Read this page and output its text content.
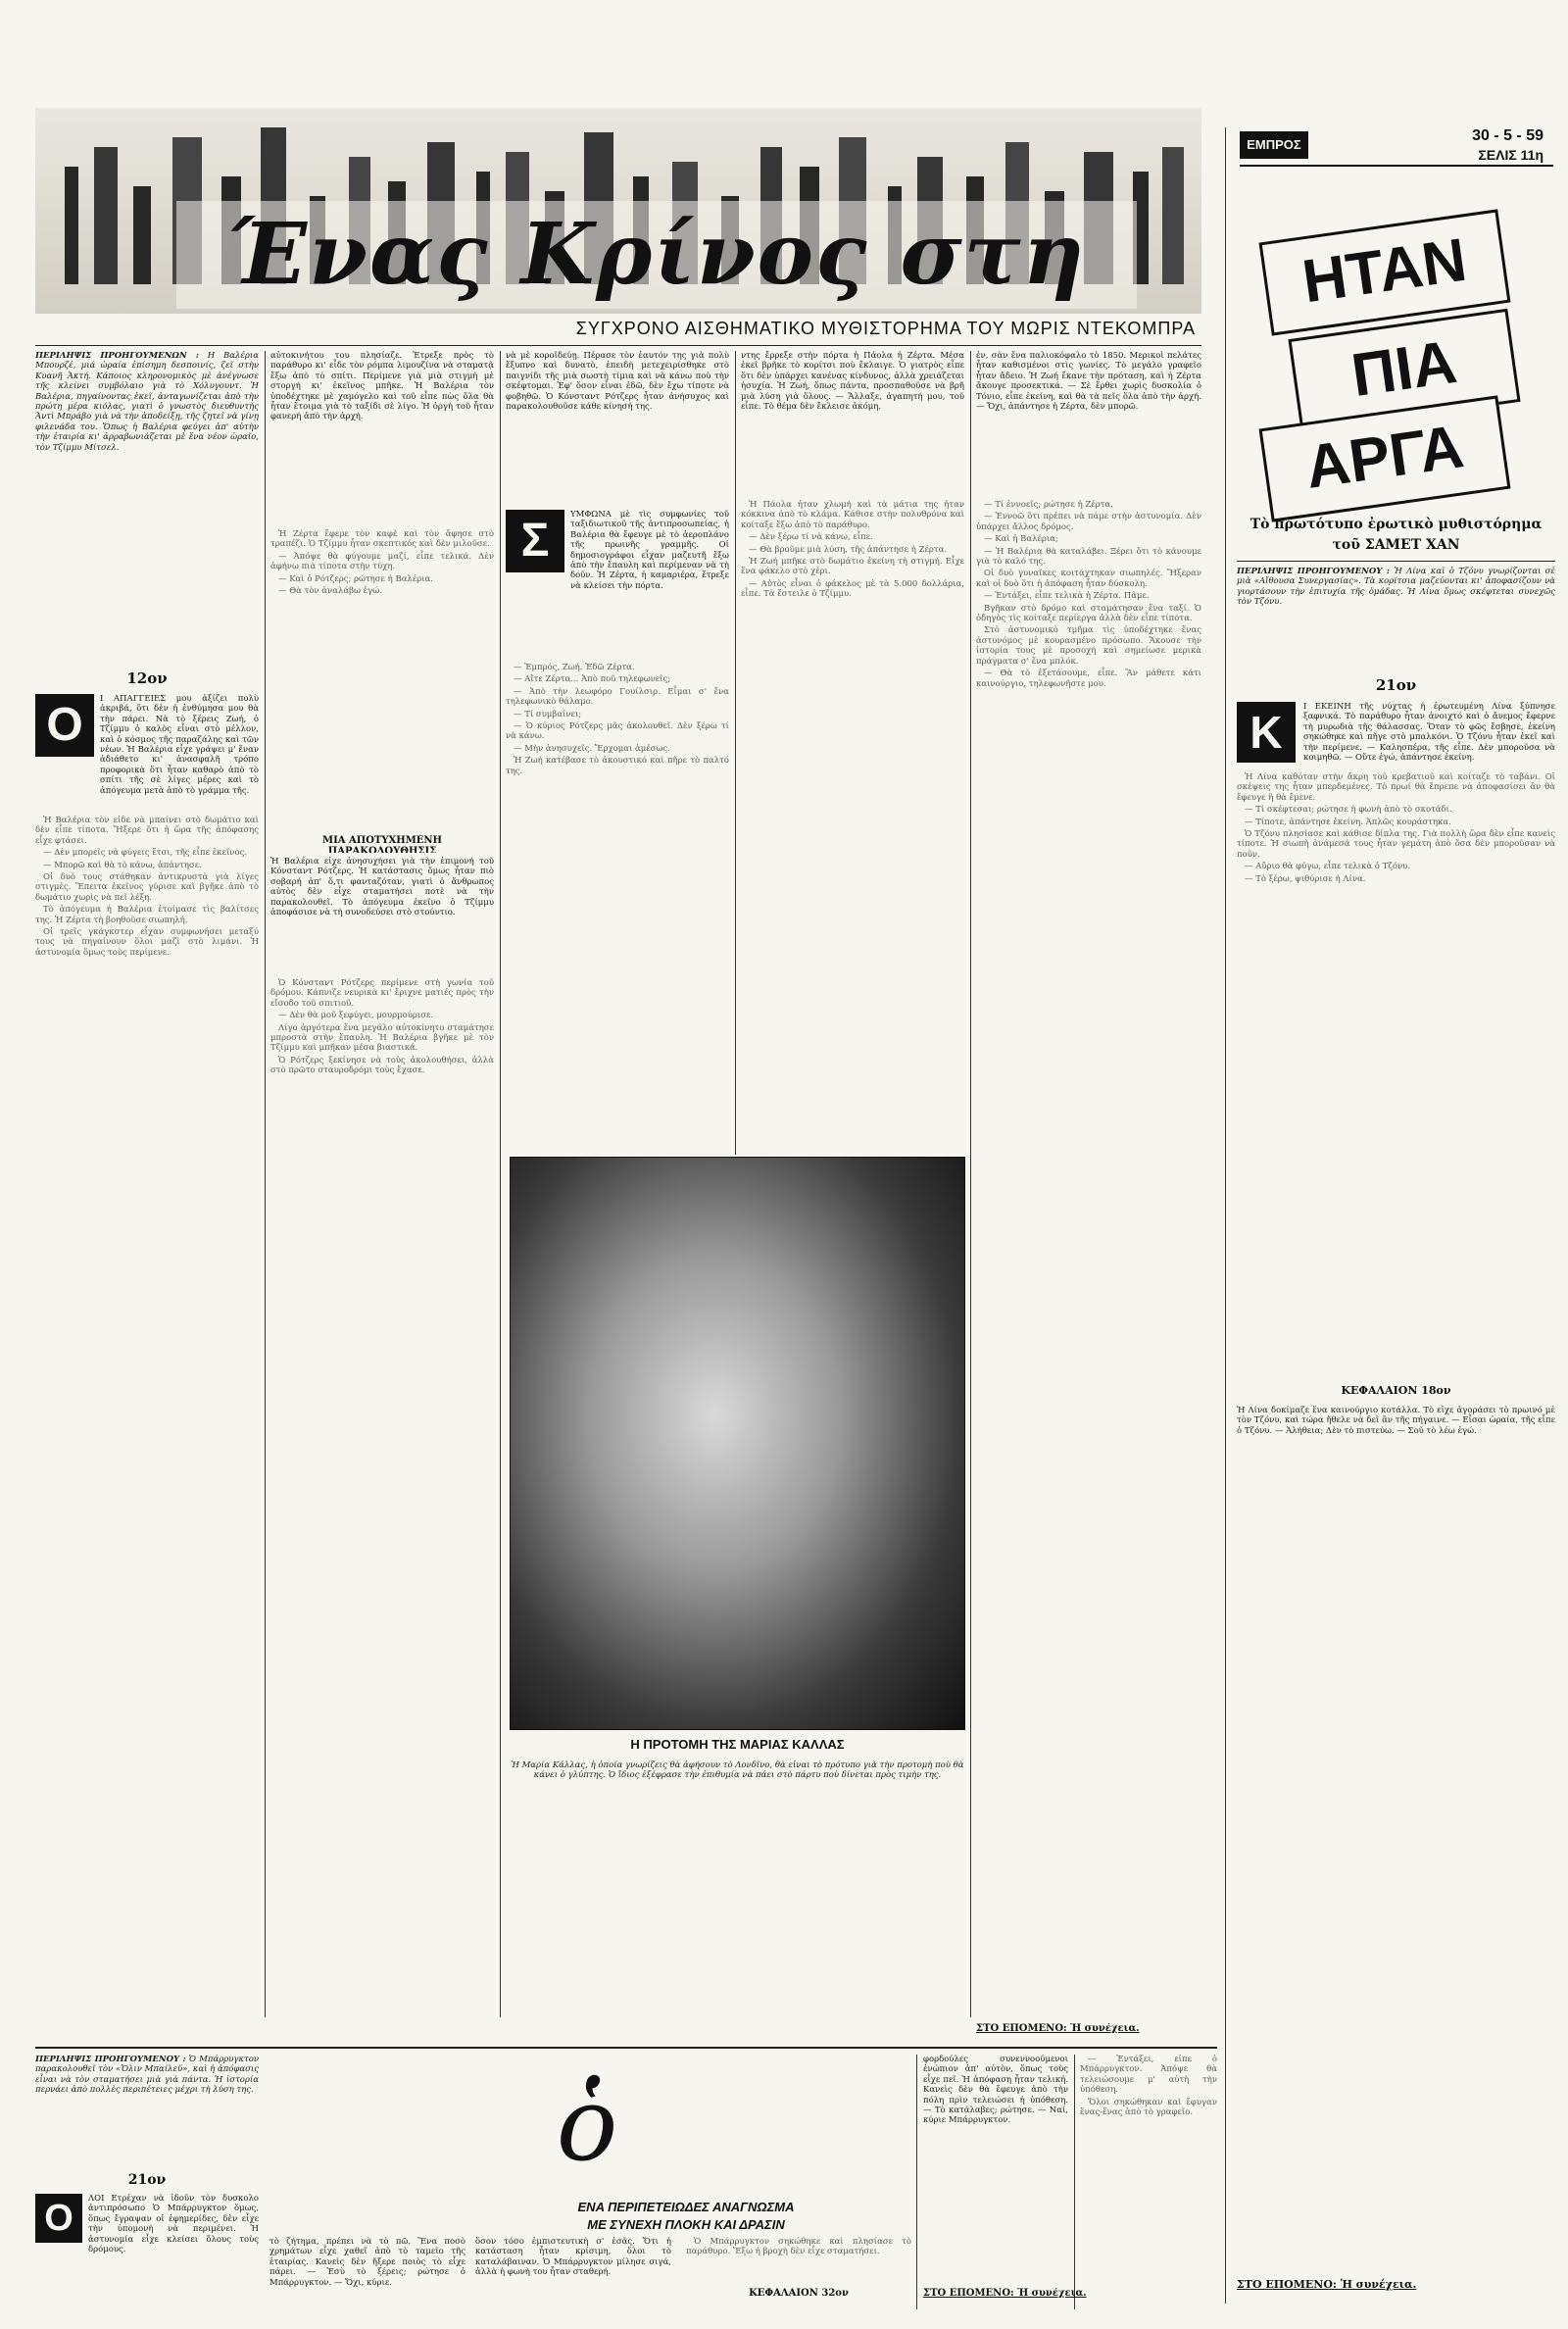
Ένας Κρίνος στη
ΣΥΓΧΡΟΝΟ ΑΙΣΘΗΜΑΤΙΚΟ ΜΥΘΙΣΤΟΡΗΜΑ ΤΟΥ ΜΩΡΙΣ ΝΤΕΚΟΜΠΡΑ
ΕΜΠΡΟΣ
30 - 5 - 59
ΣΕΛΙΣ 11η
ΗΤΑΝ
ΠΙΑ
ΑΡΓΑ
Τὸ πρωτότυπο ἐρωτικὸ μυθιστόρημα τοῦ ΣΑΜΕΤ ΧΑΝ
ΠΕΡΙΛΗΨΙΣ ΠΡΟΗΓΟΥΜΕΝΟΥ : Ἡ Λίνα καὶ ὁ Τζόνυ γνωρίζονται σὲ μιὰ «Αἴθουσα Συνεργασίας». Τὰ κορίτσια μαζεύονται κι' ἀποφασίζουν νὰ γιορτάσουν τὴν ἐπιτυχία τῆς ὁμάδας. Ἡ Λίνα ὅμως σκέφτεται συνεχῶς τὸν Τζόνυ.
21ον
Κ	Ι ΕΚΕΙΝΗ τῆς νύχτας ἡ ἐρωτευμένη Λίνα ξύπνησε ξαφνικά. Τὸ παράθυρο ἦταν ἀνοιχτό καὶ ὁ ἄνεμος ἔφερνε τὴ μυρωδιὰ τῆς θάλασσας. Ὅταν τὸ φῶς ἔσβησε, ἐκείνη σηκώθηκε καὶ πῆγε στὸ μπαλκόνι. Ὁ Τζόνυ ἦταν ἐκεῖ καὶ τὴν περίμενε. — Καλησπέρα, τῆς εἶπε. Δὲν μποροῦσα νὰ κοιμηθῶ. — Οὔτε ἐγώ, ἀπάντησε ἐκείνη.

Ἡ Λίνα καθόταν στὴν ἄκρη τοῦ κρεβατιοῦ καὶ κοίταζε τὸ ταβάνι. Οἱ σκέψεις της ἦταν μπερδεμένες. Τὸ πρωί θὰ ἔπρεπε νὰ ἀποφασίσει ἂν θὰ ἔφευγε ἢ θὰ ἔμενε.

— Τί σκέφτεσαι; ρώτησε ἡ φωνὴ ἀπὸ τὸ σκοτάδι.

— Τίποτε, ἀπάντησε ἐκείνη. Ἁπλῶς κουράστηκα.

Ὁ Τζόνυ πλησίασε καὶ κάθισε δίπλα της. Γιὰ πολλὴ ὥρα δὲν εἶπε κανεὶς τίποτε. Ἡ σιωπὴ ἀνάμεσά τους ἦταν γεμάτη ἀπὸ ὅσα δὲν μποροῦσαν νὰ ποῦν.

— Αὔριο θὰ φύγω, εἶπε τελικὰ ὁ Τζόνυ.

— Τὸ ξέρω, ψιθύρισε ἡ Λίνα.

ΚΕΦΑΛΑΙΟΝ 18ον
Ἡ Λίνα δοκίμαζε ἕνα καινούργιο κοτάλλα. Τὸ εἶχε ἀγοράσει τὸ πρωινό μὲ τὸν Τζόνυ, καὶ τώρα ἤθελε νὰ δεῖ ἂν τῆς πήγαινε. — Εἶσαι ὡραία, τῆς εἶπε ὁ Τζόνυ. — Ἀλήθεια; Δὲν τὸ πιστεύω. — Σοῦ τὸ λέω ἐγώ.
ΣΤΟ ΕΠΟΜΕΝΟ: Ἡ συνέχεια.
ΠΕΡΙΛΗΨΙΣ ΠΡΟΗΓΟΥΜΕΝΩΝ : Η Βαλέρια Μπουρζέ, μιά ὡραία ἐπίσημη δεσποινίς, ζεῖ στὴν Κυανῆ Ἀκτή. Κάποιος κληρονομικὸς μὲ ἀνέγνωσε τῆς κλείνει συμβόλαιο γιὰ τὸ Χόλυγουντ. Ἡ Βαλέρια, πηγαίνοντας ἐκεῖ, ἀνταγωνίζεται ἀπὸ τὴν πρώτη μέρα κιόλας, γιατὶ ὁ γνωστὸς διευθυντὴς Ἀντὶ Μπράβο γιὰ νὰ τὴν ἀποδείξῃ, τῆς ζητεῖ νὰ γίνῃ φιλενάδα του. Ὅπως ἡ Βαλέρια φεύγει ἀπ' αὐτὴν τὴν ἑταιρία κι' ἀρραβωνιάζεται μὲ ἕνα νέον ὡραῖο, τὸν Τζίμμυ Μίτσελ.
12ον
Ο	Ι ΑΠΑΓΓΕΙΕΣ μου ἀξίζει πολὺ ἀκριβά, ὅτι δὲν ἡ ἐνθύμησα μου θὰ τὴν πάρει. Νὰ τὸ ξέρεις Ζωή, ὁ Τζίμμυ ὁ καλὸς εἶναι στὸ μέλλον, καὶ ὁ κόσμος τῆς παραζάλης καὶ τῶν νέων. Ἡ Βαλέρια εἶχε γράψει μ' ἕναν ἀδιάθετο κι' ἀνασφαλῆ τρόπο προφορικὰ ὅτι ἦταν καθαρὸ ἀπὸ τὸ σπίτι τῆς σὲ λίγες μέρες καὶ τὸ ἀπόγευμα μετὰ ἀπὸ τὸ γράμμα τῆς.

Ἡ Βαλέρια τὸν εἶδε νὰ μπαίνει στὸ δωμάτιο καὶ δὲν εἶπε τίποτα. Ἤξερε ὅτι ἡ ὥρα τῆς ἀπόφασης εἶχε φτάσει.

— Δὲν μπορεῖς νὰ φύγεις ἔτσι, τῆς εἶπε ἐκεῖνος.

— Μπορῶ καὶ θὰ τὸ κάνω, ἀπάντησε.

Οἱ δυὸ τους στάθηκαν ἀντικρυστὰ γιὰ λίγες στιγμὲς. Ἔπειτα ἐκεῖνος γύρισε καὶ βγῆκε ἀπὸ τὸ δωμάτιο χωρὶς νὰ πεῖ λέξη.

Τὸ ἀπόγευμα ἡ Βαλέρια ἑτοίμασε τὶς βαλίτσες της. Ἡ Ζέρτα τὴ βοηθοῦσε σιωπηλή.

Οἱ τρεῖς γκάγκστερ εἶχαν συμφωνήσει μεταξύ τους νὰ πηγαίνουν ὅλοι μαζὶ στὸ λιμάνι. Ἡ ἀστυνομία ὅμως τοὺς περίμενε.

αὐτοκινήτου του πλησίαζε. Ἐτρεξε πρὸς τὸ παράθυρο κι' εἶδε τὸν ρόμπα λιμουζίνα νὰ σταματᾷ ἔξω ἀπὸ τὸ σπίτι. Περίμενε γιὰ μιὰ στιγμὴ μὲ στοργή κι' ἐκεῖνος μπῆκε. Ἡ Βαλέρια τὸν ὑποδέχτηκε μὲ χαμόγελο καὶ τοῦ εἶπε πὼς ὅλα θὰ ἦταν ἕτοιμα γιὰ τὸ ταξίδι σὲ λίγο. Ἡ ὀργὴ τοῦ ἦταν φανερή ἀπὸ τὴν ἀρχή.

Ἡ Ζέρτα ἔφερε τὸν καφὲ καὶ τὸν ἄφησε στὸ τραπέζι. Ὁ Τζίμμυ ἦταν σκεπτικός καὶ δὲν μιλοῦσε.

— Ἀπόψε θὰ φύγουμε μαζί, εἶπε τελικά. Δὲν ἀφήνω πιὰ τίποτα στὴν τύχη.

— Καὶ ὁ Ρότζερς; ρώτησε ἡ Βαλέρια.

— Θὰ τὸν ἀναλάβω ἐγώ.

ΜΙΑ ΑΠΟΤΥΧΗΜΕΝΗ ΠΑΡΑΚΟΛΟΥΘΗΣΙΣ
Ἡ Βαλέρια εἶχε ἀνησυχήσει γιὰ τὴν ἐπιμονή τοῦ Κόνσταντ Ρότζερς. Ἡ κατάστασις ὅμως ἦταν πιὸ σοβαρή ἀπ' ὅ,τι φανταζόταν, γιατὶ ὁ ἄνθρωπος αὐτὸς δὲν εἶχε σταματήσει ποτὲ νὰ τὴν παρακολουθεῖ. Τὸ ἀπόγευμα ἐκεῖνο ὁ Τζίμμυ ἀποφάσισε νὰ τὴ συνοδεύσει στὸ στούντιο.

Ὁ Κόνσταντ Ρότζερς περίμενε στὴ γωνία τοῦ δρόμου. Κάπνιζε νευρικὰ κι' ἔριχνε ματιές πρὸς τὴν εἴσοδο τοῦ σπιτιοῦ.

— Δὲν θὰ μοῦ ξεφύγει, μουρμούρισε.

Λίγο ἀργότερα ἕνα μεγάλο αὐτοκίνητο σταμάτησε μπροστὰ στὴν ἔπαυλη. Ἡ Βαλέρια βγῆκε μὲ τὸν Τζίμμυ καὶ μπῆκαν μέσα βιαστικά.

Ὁ Ρότζερς ξεκίνησε νὰ τοὺς ἀκολουθήσει, ἀλλὰ στὸ πρῶτο σταυροδρόμι τοὺς ἔχασε.

νὰ μὲ κοροϊδεύῃ. Πέρασε τὸν ἑαυτόν της γιὰ πολὺ ἔξυπνο καὶ δυνατὸ, ἐπειδὴ μετεχειρίσθηκε στὸ παιγνίδι τῆς μιὰ σωστὴ τίμια καὶ νὰ κάνω ποὺ τὴν σκέφτομαι. Ἐφ' ὅσον εἶναι ἐδῶ, δὲν ἔχω τίποτε νὰ φοβηθῶ. Ὁ Κόνσταντ Ρότζερς ἦταν ἀνήσυχος καὶ παρακολουθοῦσε κάθε κίνησή της.
Σ	ΥΜΦΩΝΑ μὲ τὶς συμφωνίες τοῦ ταξιδιωτικοῦ τῆς ἀντιπροσωπείας, ἡ Βαλέρια θὰ ἔφευγε μὲ τὸ ἀεροπλάνο τῆς πρωινῆς γραμμῆς. Οἱ δημοσιογράφοι εἶχαν μαζευτῆ ἔξω ἀπὸ τὴν ἔπαυλη καὶ περίμεναν νὰ τὴ δοῦν. Ἡ Ζέρτα, ἡ καμαριέρα, ἔτρεξε νὰ κλείσει τὴν πόρτα.

— Ἐμπρός, Ζωή. Ἐδῶ Ζέρτα.

— Αἴτε Ζέρτα... Ἀπὸ ποῦ τηλεφωνεῖς;

— Ἀπὸ τὴν λεωφόρο Γουίλσιρ. Εἶμαι σ' ἕνα τηλεφωνικὸ θάλαμο.

— Τί συμβαίνει;

— Ὁ κύριος Ρότζερς μᾶς ἀκολουθεῖ. Δὲν ξέρω τί νὰ κάνω.

— Μὴν ἀνησυχεῖς. Ἔρχομαι ἀμέσως.

Ἡ Ζωή κατέβασε τὸ ἀκουστικό καὶ πῆρε τὸ παλτό της.

ντης ἔρρεξε στὴν πόρτα ἡ Πάολα ἡ Ζέρτα. Μέσα ἐκεῖ βρῆκε τὸ κορίτσι ποὺ ἔκλαιγε. Ὁ γιατρὸς εἶπε ὅτι δὲν ὑπάρχει κανένας κίνδυνος, ἀλλὰ χρειάζεται ἡσυχία. Ἡ Ζωή, ὅπως πάντα, προσπαθοῦσε νὰ βρῆ μιὰ λύση γιὰ ὅλους. — Ἄλλαξε, ἀγαπητή μου, τοῦ εἶπε. Τὸ θέμα δὲν ἔκλεισε ἀκόμη.

Ἡ Πάολα ἦταν χλωμή καὶ τὰ μάτια της ἦταν κόκκινα ἀπὸ τὸ κλάμα. Κάθισε στὴν πολυθρόνα καὶ κοίταξε ἔξω ἀπὸ τὸ παράθυρο.

— Δὲν ξέρω τί νὰ κάνω, εἶπε.

— Θὰ βροῦμε μιὰ λύση, τῆς ἀπάντησε ἡ Ζέρτα.

Ἡ Ζωή μπῆκε στὸ δωμάτιο ἐκείνη τὴ στιγμή. Εἶχε ἕνα φάκελο στὸ χέρι.

— Αὐτὸς εἶναι ὁ φάκελος μὲ τὰ 5.000 δολλάρια, εἶπε. Τὰ ἔστειλε ὁ Τζίμμυ.

ἐν, σὰν ἕνα παλιοκόφαλο τὸ 1850. Μερικοὶ πελάτες ἦταν καθισμένοι στὶς γωνίες. Τὸ μεγάλο γραφεῖο ἦταν ἄδειο. Ἡ Ζωή ἔκανε τὴν πρόταση, καὶ ἡ Ζέρτα ἄκουγε προσεκτικά. — Σὲ ἔρθει χωρὶς δυσκολία ὁ Τόνιο, εἶπε ἐκείνη, καὶ θὰ τὰ πεῖς ὅλα ἀπὸ τὴν ἀρχή. — Ὄχι, ἀπάντησε ἡ Ζέρτα, δὲν μπορῶ.

— Τί ἐννοεῖς; ρώτησε ἡ Ζέρτα.

— Ἐννοῶ ὅτι πρέπει νὰ πάμε στὴν ἀστυνομία. Δὲν ὑπάρχει ἄλλος δρόμος.

— Καὶ ἡ Βαλέρια;

— Ἡ Βαλέρια θὰ καταλάβει. Ξέρει ὅτι τὸ κάνουμε γιὰ τὸ καλό της.

Οἱ δυὸ γυναῖκες κοιτάχτηκαν σιωπηλές. Ἤξεραν καὶ οἱ δυὸ ὅτι ἡ ἀπόφαση ἦταν δύσκολη.

— Ἐντάξει, εἶπε τελικὰ ἡ Ζέρτα. Πᾶμε.

Βγῆκαν στὸ δρόμο καὶ σταμάτησαν ἕνα ταξί. Ὁ ὁδηγὸς τὶς κοίταξε περίεργα ἀλλὰ δὲν εἶπε τίποτα.

Στὸ ἀστυνομικὸ τμῆμα τὶς ὑποδέχτηκε ἕνας ἀστυνόμος μὲ κουρασμένο πρόσωπο. Ἄκουσε τὴν ἱστορία τους μὲ προσοχή καὶ σημείωσε μερικὰ πράγματα σ' ἕνα μπλόκ.

— Θὰ τὸ ἐξετάσουμε, εἶπε. Ἂν μάθετε κάτι καινούργιο, τηλεφωνῆστε μου.

Η ΠΡΟΤΟΜΗ ΤΗΣ ΜΑΡΙΑΣ ΚΑΛΛΑΣ
Ἡ Μαρία Κάλλας, ἡ ὁποία γνωρίζεις θὰ ἀφήσουν τὸ Λονδῖνο, θὰ εἶναι τὸ πρότυπο γιὰ τὴν προτομὴ ποὺ θὰ κάνει ὁ γλύπτης. Ὁ ἴδιος ἐξέφρασε τὴν ἐπιθυμία νὰ πάει στὸ πάρτυ ποὺ δίνεται πρὸς τιμὴν της.
ΣΤΟ ΕΠΟΜΕΝΟ: Ἡ συνέχεια.
ΠΕΡΙΛΗΨΙΣ ΠΡΟΗΓΟΥΜΕΝΟΥ : Ὁ Μπάρρυγκτον παρακολουθεῖ τὸν «Ὄλιν Μπαίλεϋ», καὶ ἡ ἀπόφασις εἶναι νὰ τὸν σταματήσει μιὰ γιὰ πάντα. Ἡ ἱστορία περνάει ἀπὸ πολλὲς περιπέτειες μέχρι τὴ λύση της.
21ον
Ο	ΛΟΙ Ετρέχαν νὰ ἰδοῦν τὸν δυσκολο ἀντιπρόσωπο Ὁ Μπάρρυγκτον ὅμως, ὅπως ἔγραψαν οἱ ἐφημερίδες, δὲν εἶχε τὴν ὑπομονὴ νὰ περιμένει. Ἡ ἀστυνομία εἶχε κλείσει ὅλους τοὺς δρόμους.
ὁ
ΕΝΑ ΠΕΡΙΠΕΤΕΙΩΔΕΣ ΑΝΑΓΝΩΣΜΑ
ΜΕ ΣΥΝΕΧΗ ΠΛΟΚΗ ΚΑΙ ΔΡΑΣΙΝ
τὸ ζήτημα, πρέπει νὰ τὸ πῶ. Ἕνα ποσὸ χρημάτων εἶχε χαθεῖ ἀπὸ τὸ ταμεῖο τῆς ἑταιρίας. Κανεὶς δὲν ἤξερε ποιὸς τὸ εἶχε πάρει. — Ἐσὺ τὸ ξέρεις; ρώτησε ὁ Μπάρρυγκτον. — Ὄχι, κύριε.
ὅσον τόσο ἐμπιστευτικὴ σ' ἐσᾶς. Ὅτι ἡ κατάσταση ἦταν κρίσιμη, ὅλοι τὸ καταλάβαιναν. Ὁ Μπάρρυγκτον μίλησε σιγά, ἀλλὰ ἡ φωνὴ του ἦταν σταθερή.

Ὁ Μπάρρυγκτον σηκώθηκε καὶ πλησίασε τὸ παράθυρο. Ἔξω ἡ βροχὴ δὲν εἶχε σταματήσει.

ΚΕΦΑΛΑΙΟΝ 32ον
φορδούλες συνεννοούμενοι ἐνώπιον ἀπ' αὐτὸν, ὅπως τοὺς εἶχε πεῖ. Ἡ ἀπόφαση ἦταν τελική. Κανεὶς δὲν θὰ ἔφευγε ἀπὸ τὴν πόλη πρὶν τελειώσει ἡ ὑπόθεση. — Τὸ κατάλαβες; ρώτησε. — Ναί, κύριε Μπάρρυγκτον.

— Ἐντάξει, εἶπε ὁ Μπάρρυγκτον. Ἀπόψε θὰ τελειώσουμε μ' αὐτὴ τὴν ὑπόθεση.

Ὅλοι σηκώθηκαν καὶ ἔφυγαν ἕνας-ἕνας ἀπὸ τὸ γραφεῖο.

ΣΤΟ ΕΠΟΜΕΝΟ: Ἡ συνέχεια.
